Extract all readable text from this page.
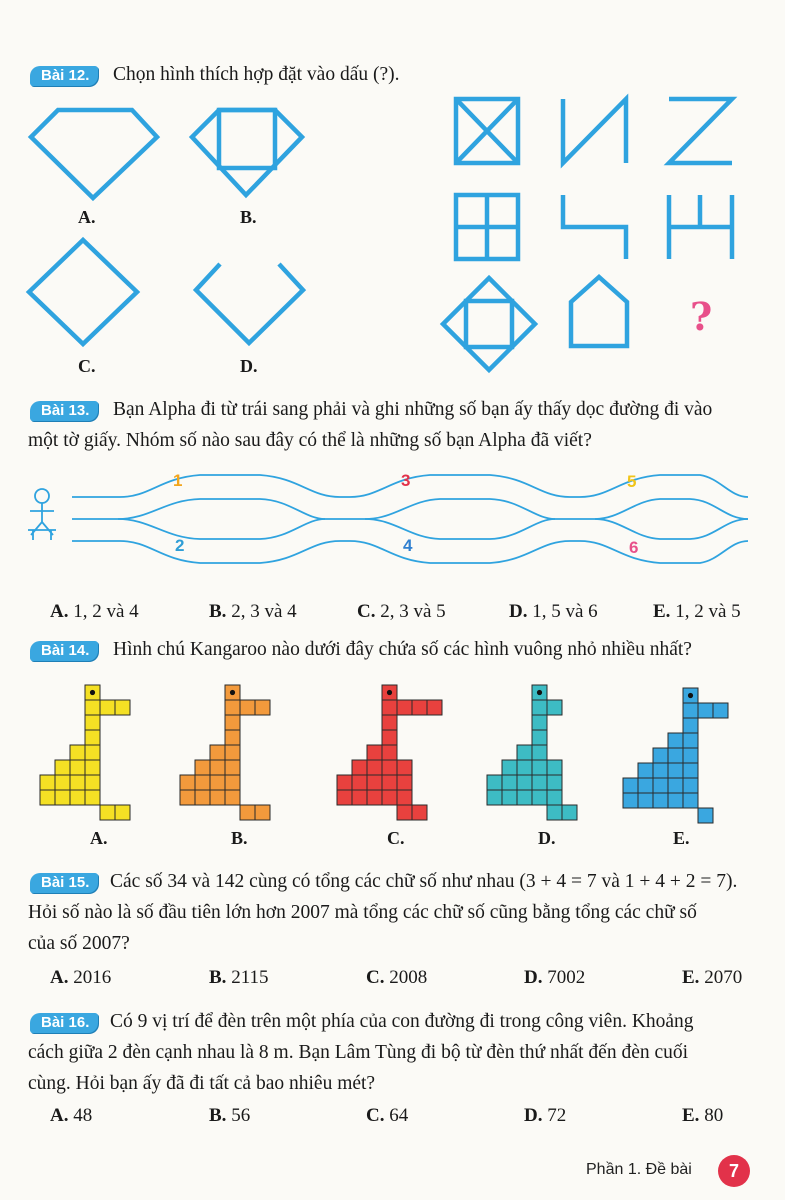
Bài 12.	Chọn hình thích hợp đặt vào dấu (?).
A.	B.
C.	D.
?
Bài 13.	Bạn Alpha đi từ trái sang phải và ghi những số bạn ấy thấy dọc đường đi vào
một tờ giấy. Nhóm số nào sau đây có thể là những số bạn Alpha đã viết?
1
2
3
4
5
6
A. 1, 2 và 4	B. 2, 3 và 4	C. 2, 3 và 5	D. 1, 5 và 6	E. 1, 2 và 5
Bài 14.	Hình chú Kangaroo nào dưới đây chứa số các hình vuông nhỏ nhiều nhất?
A.	B.	C.	D.	E.
Bài 15.	Các số 34 và 142 cùng có tổng các chữ số như nhau (3 + 4 = 7 và 1 + 4 + 2 = 7).
Hỏi số nào là số đầu tiên lớn hơn 2007 mà tổng các chữ số cũng bằng tổng các chữ số
của số 2007?
A. 2016	B. 2115	C. 2008	D. 7002	E. 2070
Bài 16.	Có 9 vị trí để đèn trên một phía của con đường đi trong công viên. Khoảng
cách giữa 2 đèn cạnh nhau là 8 m. Bạn Lâm Tùng đi bộ từ đèn thứ nhất đến đèn cuối
cùng. Hỏi bạn ấy đã đi tất cả bao nhiêu mét?
A. 48	B. 56	C. 64	D. 72	E. 80
Phần 1. Đề bài	7
